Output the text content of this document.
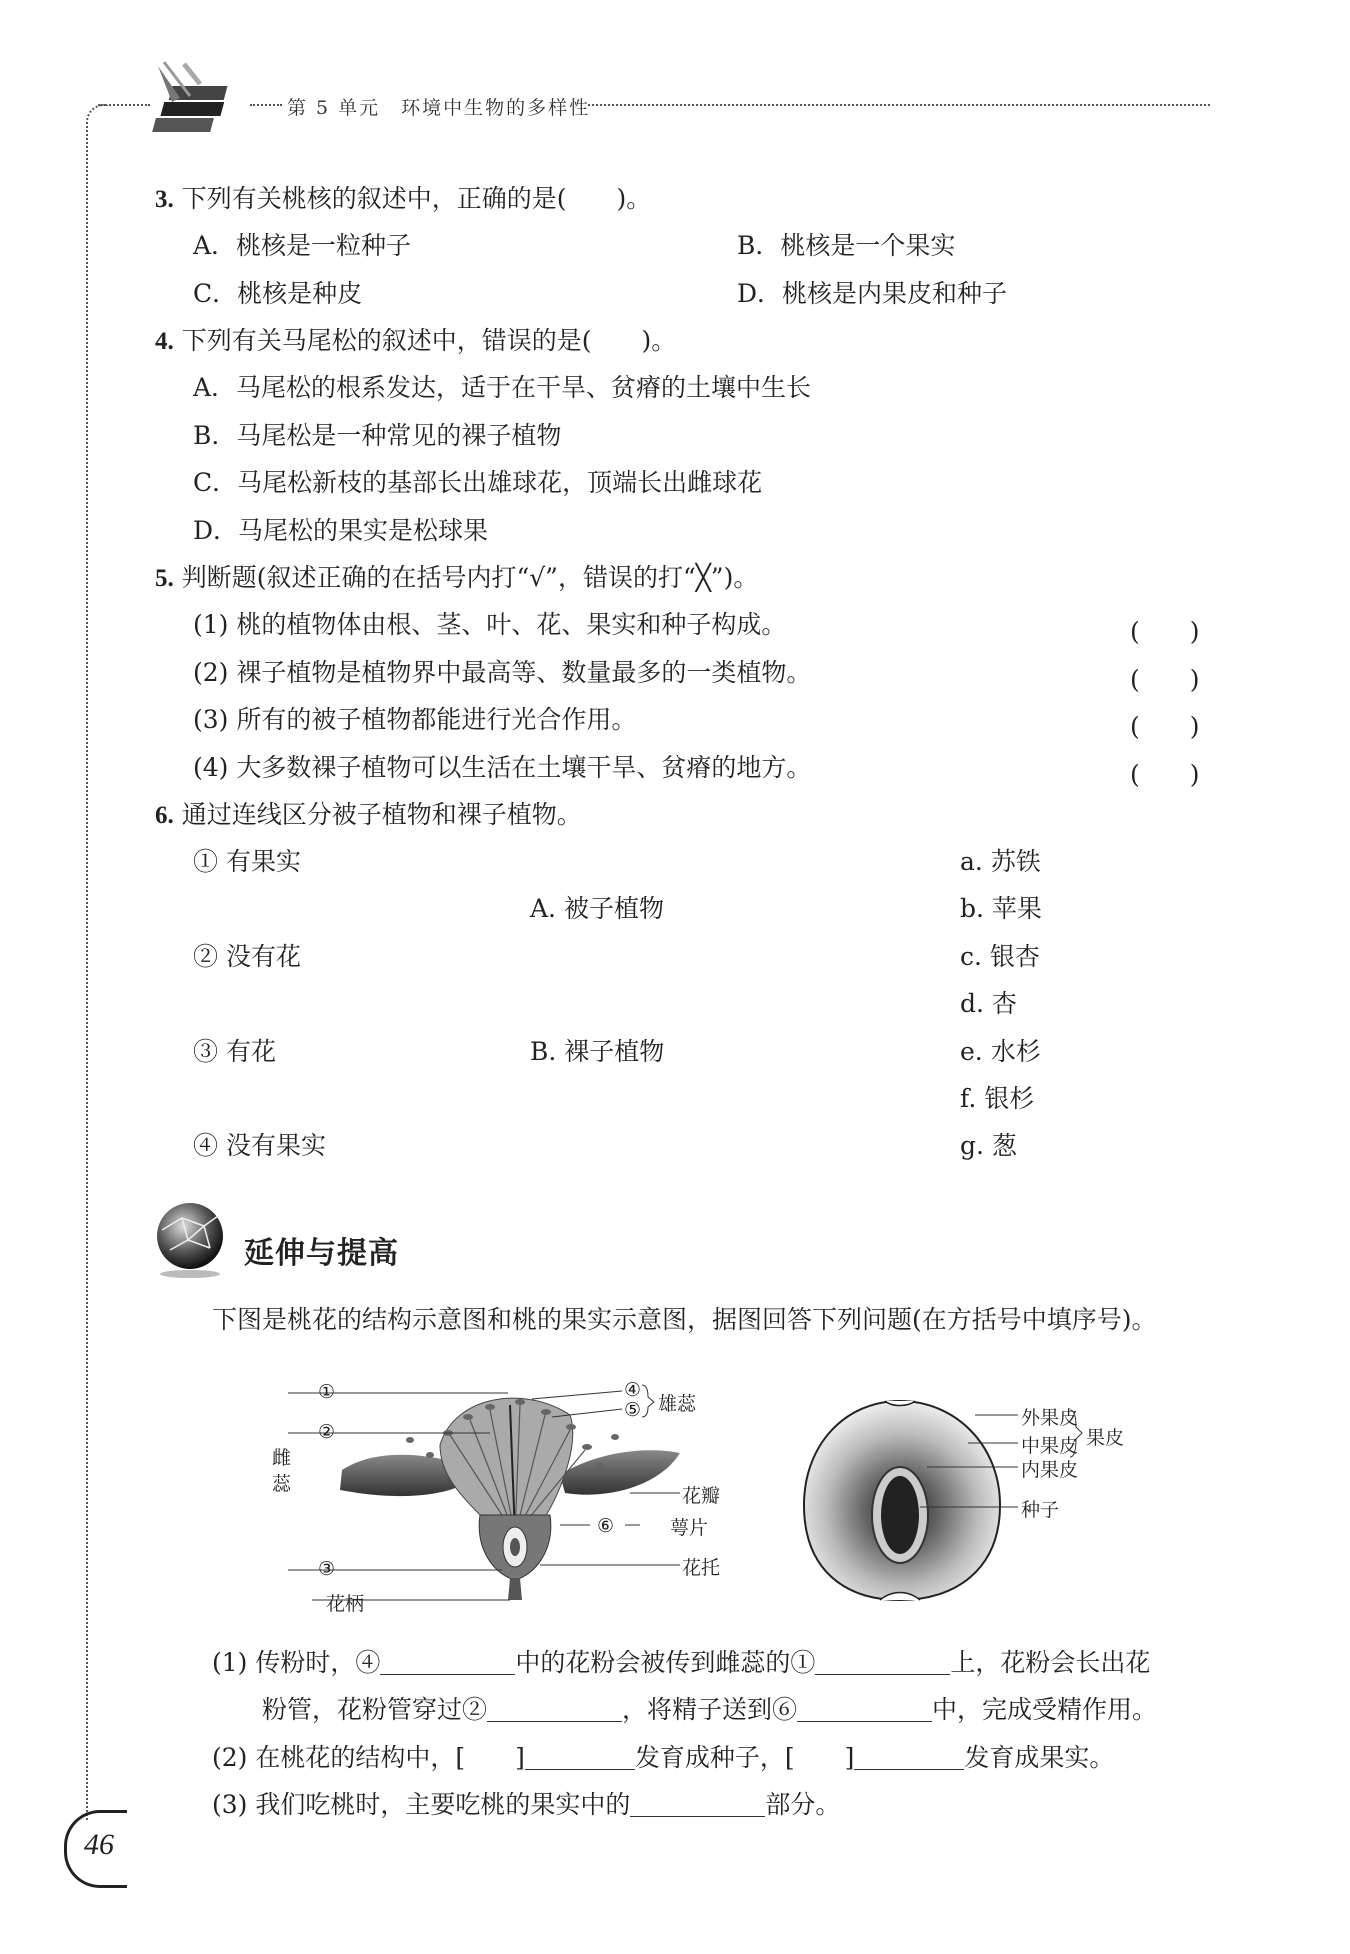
第 5 单元　环境中生物的多样性
3. 下列有关桃核的叙述中，正确的是(　　)。
A．桃核是一粒种子	B．桃核是一个果实
C．桃核是种皮	D．桃核是内果皮和种子
4. 下列有关马尾松的叙述中，错误的是(　　)。
A．马尾松的根系发达，适于在干旱、贫瘠的土壤中生长
B．马尾松是一种常见的裸子植物
C．马尾松新枝的基部长出雄球花，顶端长出雌球花
D．马尾松的果实是松球果
5. 判断题(叙述正确的在括号内打“√”，错误的打“╳”)。
(1) 桃的植物体由根、茎、叶、花、果实和种子构成。	(　　)
(2) 裸子植物是植物界中最高等、数量最多的一类植物。	(　　)
(3) 所有的被子植物都能进行光合作用。	(　　)
(4) 大多数裸子植物可以生活在土壤干旱、贫瘠的地方。	(　　)
6. 通过连线区分被子植物和裸子植物。
① 有果实
② 没有花
③ 有花
④ 没有果实
A. 被子植物
B. 裸子植物
a. 苏铁
b. 苹果
c. 银杏
d. 杏
e. 水杉
f. 银杉
g. 葱
延伸与提高
下图是桃花的结构示意图和桃的果实示意图，据图回答下列问题(在方括号中填序号)。
①
②
③
④
⑤
⑥
雄蕊
雌蕊
花瓣
萼片
花托
花柄
外果皮
中果皮
内果皮
果皮
种子
(1) 传粉时，④	中的花粉会被传到雌蕊的①	上，花粉会长出花
粉管，花粉管穿过②	，将精子送到⑥	中，完成受精作用。
(2) 在桃花的结构中，[　　]	发育成种子，[　　]	发育成果实。
(3) 我们吃桃时，主要吃桃的果实中的	部分。
46
